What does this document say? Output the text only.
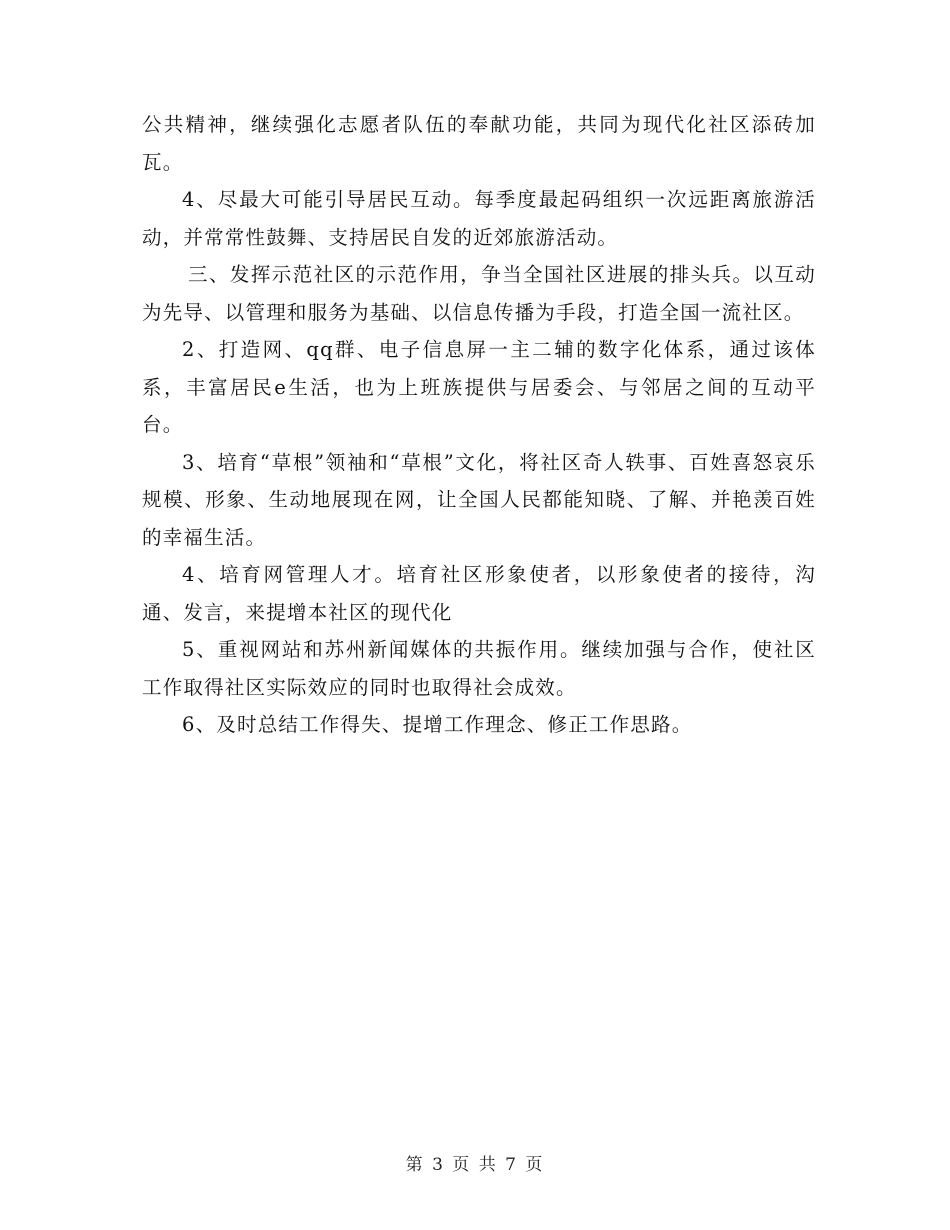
公共精神，继续强化志愿者队伍的奉献功能，共同为现代化社区添砖加瓦。

4、尽最大可能引导居民互动。每季度最起码组织一次远距离旅游活动，并常常性鼓舞、支持居民自发的近郊旅游活动。

三、发挥示范社区的示范作用，争当全国社区进展的排头兵。以互动为先导、以管理和服务为基础、以信息传播为手段，打造全国一流社区。

2、打造网、qq群、电子信息屏一主二辅的数字化体系，通过该体系，丰富居民e生活，也为上班族提供与居委会、与邻居之间的互动平台。

3、培育“草根”领袖和“草根”文化，将社区奇人轶事、百姓喜怒哀乐规模、形象、生动地展现在网，让全国人民都能知晓、了解、并艳羡百姓的幸福生活。

4、培育网管理人才。培育社区形象使者，以形象使者的接待，沟通、发言，来提增本社区的现代化

5、重视网站和苏州新闻媒体的共振作用。继续加强与合作，使社区工作取得社区实际效应的同时也取得社会成效。

6、及时总结工作得失、提增工作理念、修正工作思路。

第 3 页 共 7 页
